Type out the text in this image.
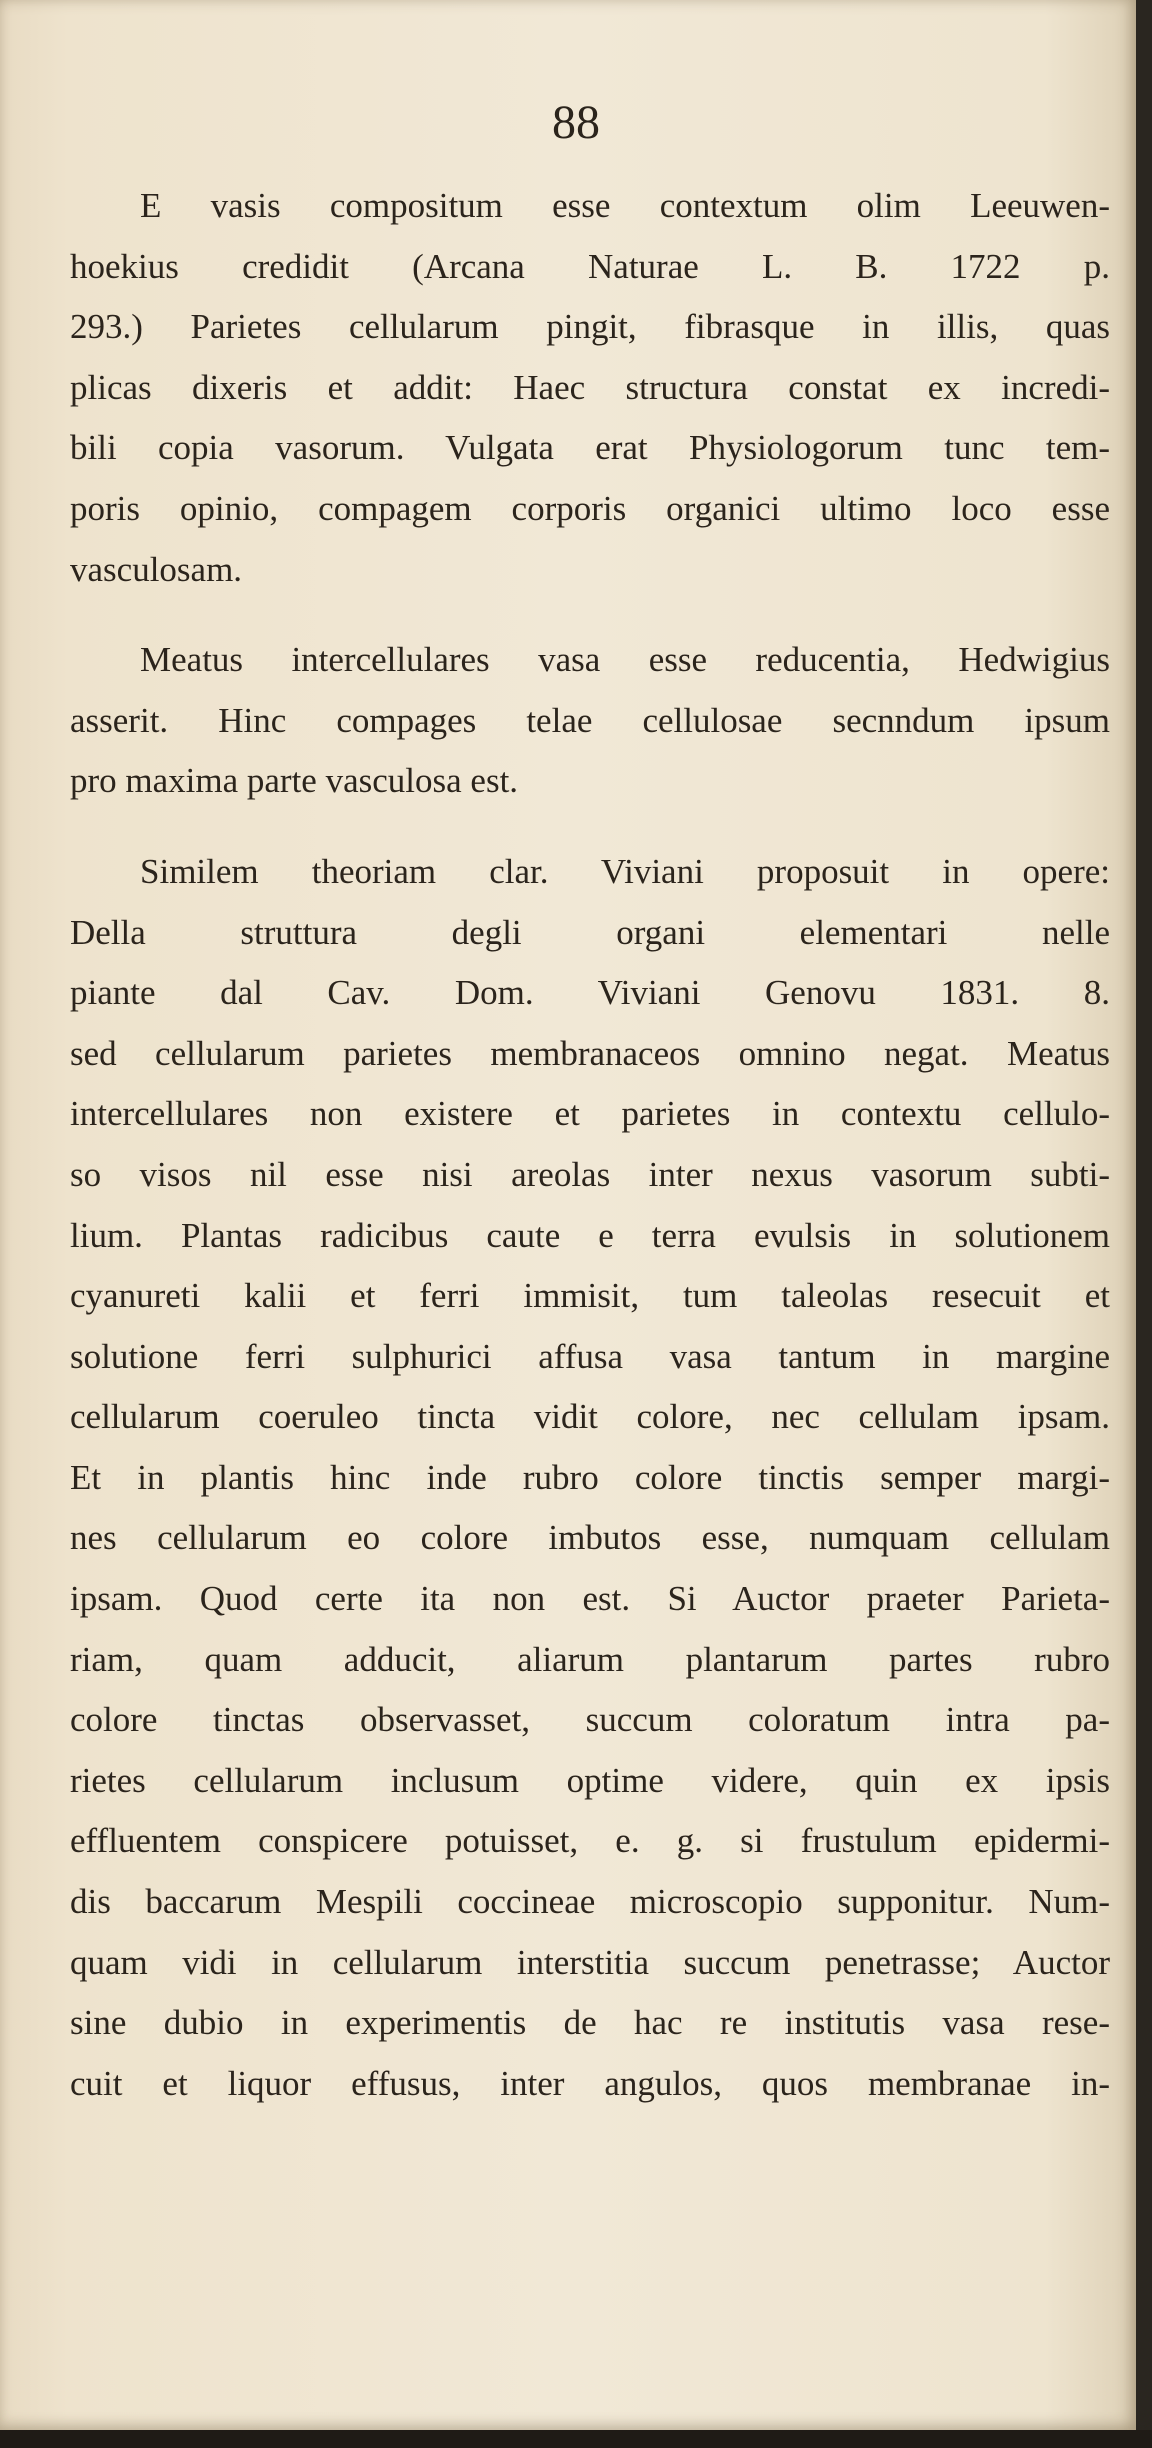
88

E vasis compositum esse contextum olim Leeuwen-
hoekius credidit (Arcana Naturae L. B. 1722 p.
293.) Parietes cellularum pingit, fibrasque in illis, quas
plicas dixeris et addit: Haec structura constat ex incredi-
bili copia vasorum. Vulgata erat Physiologorum tunc tem-
poris opinio, compagem corporis organici ultimo loco esse
vasculosam.

Meatus intercellulares vasa esse reducentia, Hedwigius
asserit. Hinc compages telae cellulosae secnndum ipsum
pro maxima parte vasculosa est.

Similem theoriam clar. Viviani proposuit in opere:
Della struttura degli organi elementari nelle
piante dal Cav. Dom. Viviani Genovu 1831. 8.
sed cellularum parietes membranaceos omnino negat. Meatus
intercellulares non existere et parietes in contextu cellulo-
so visos nil esse nisi areolas inter nexus vasorum subti-
lium. Plantas radicibus caute e terra evulsis in solutionem
cyanureti kalii et ferri immisit, tum taleolas resecuit et
solutione ferri sulphurici affusa vasa tantum in margine
cellularum coeruleo tincta vidit colore, nec cellulam ipsam.
Et in plantis hinc inde rubro colore tinctis semper margi-
nes cellularum eo colore imbutos esse, numquam cellulam
ipsam. Quod certe ita non est. Si Auctor praeter Parieta-
riam, quam adducit, aliarum plantarum partes rubro
colore tinctas observasset, succum coloratum intra pa-
rietes cellularum inclusum optime videre, quin ex ipsis
effluentem conspicere potuisset, e. g. si frustulum epidermi-
dis baccarum Mespili coccineae microscopio supponitur. Num-
quam vidi in cellularum interstitia succum penetrasse; Auctor
sine dubio in experimentis de hac re institutis vasa rese-
cuit et liquor effusus, inter angulos, quos membranae in-
